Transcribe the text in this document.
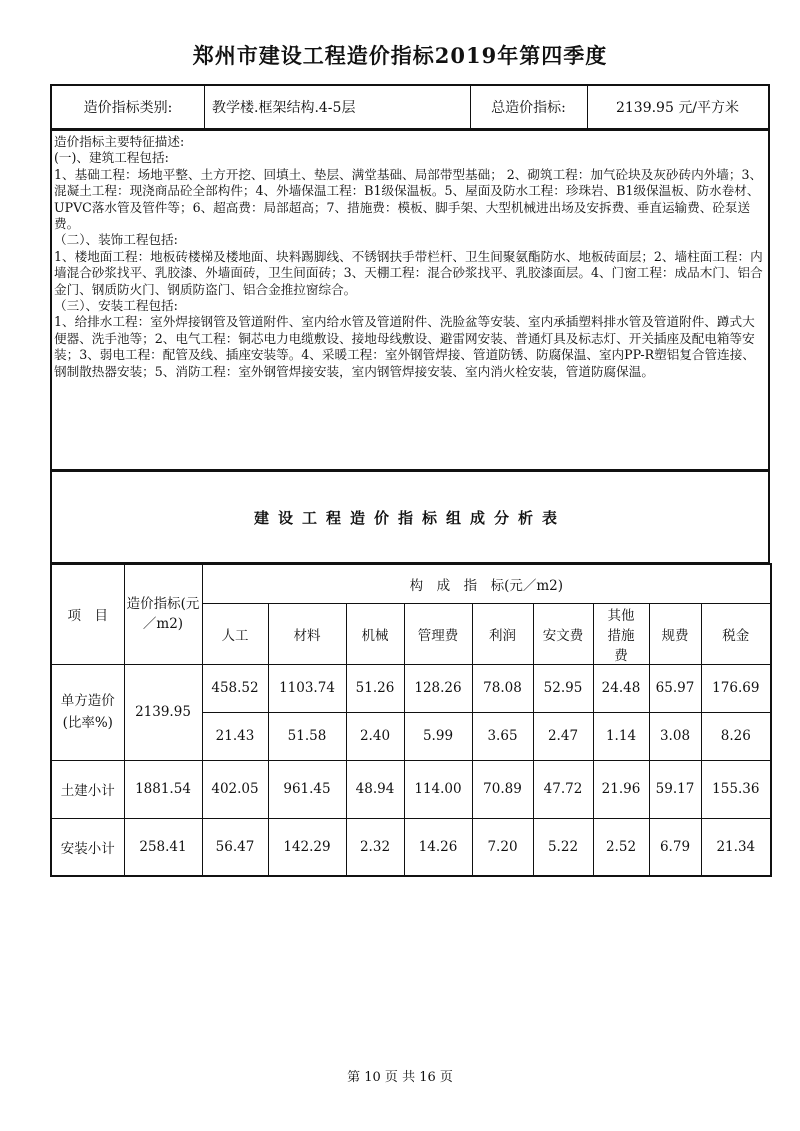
郑州市建设工程造价指标2019年第四季度
造价指标类别:	教学楼.框架结构.4-5层	总造价指标:	2139.95 元/平方米

造价指标主要特征描述:

(一)、建筑工程包括:

1、基础工程：场地平整、土方开挖、回填土、垫层、满堂基础、局部带型基础； 2、砌筑工程：加气砼块及灰砂砖内外墙；3、混凝土工程：现浇商品砼全部构件；4、外墙保温工程：B1级保温板。5、屋面及防水工程：珍珠岩、B1级保温板、防水卷材、UPVC落水管及管件等；6、超高费：局部超高；7、措施费：模板、脚手架、大型机械进出场及安拆费、垂直运输费、砼泵送费。

（二）、装饰工程包括:

1、楼地面工程：地板砖楼梯及楼地面、块料踢脚线、不锈钢扶手带栏杆、卫生间聚氨酯防水、地板砖面层；2、墙柱面工程：内墙混合砂浆找平、乳胶漆、外墙面砖，卫生间面砖；3、天棚工程：混合砂浆找平、乳胶漆面层。4、门窗工程：成品木门、铝合金门、钢质防火门、钢质防盗门、铝合金推拉窗综合。

（三）、安装工程包括:

1、给排水工程：室外焊接钢管及管道附件、室内给水管及管道附件、洗脸盆等安装、室内承插塑料排水管及管道附件、蹲式大便器、洗手池等；2、电气工程：铜芯电力电缆敷设、接地母线敷设、避雷网安装、普通灯具及标志灯、开关插座及配电箱等安装；3、弱电工程：配管及线、插座安装等。4、采暖工程：室外钢管焊接、管道防锈、防腐保温、室内PP-R塑铝复合管连接、钢制散热器安装；5、消防工程：室外钢管焊接安装，室内钢管焊接安装、室内消火栓安装，管道防腐保温。

建设工程造价指标组成分析表
项　目	造价指标(元／m2)	构　成　指　标(元／m2)								
		人工	材料	机械	管理费	利润	安文费	其他措施费	规费	税金
单方造价(比率%)	2139.95	458.52	1103.74	51.26	128.26	78.08	52.95	24.48	65.97	176.69
		21.43	51.58	2.40	5.99	3.65	2.47	1.14	3.08	8.26
土建小计	1881.54	402.05	961.45	48.94	114.00	70.89	47.72	21.96	59.17	155.36
安装小计	258.41	56.47	142.29	2.32	14.26	7.20	5.22	2.52	6.79	21.34
第 10 页 共 16 页
